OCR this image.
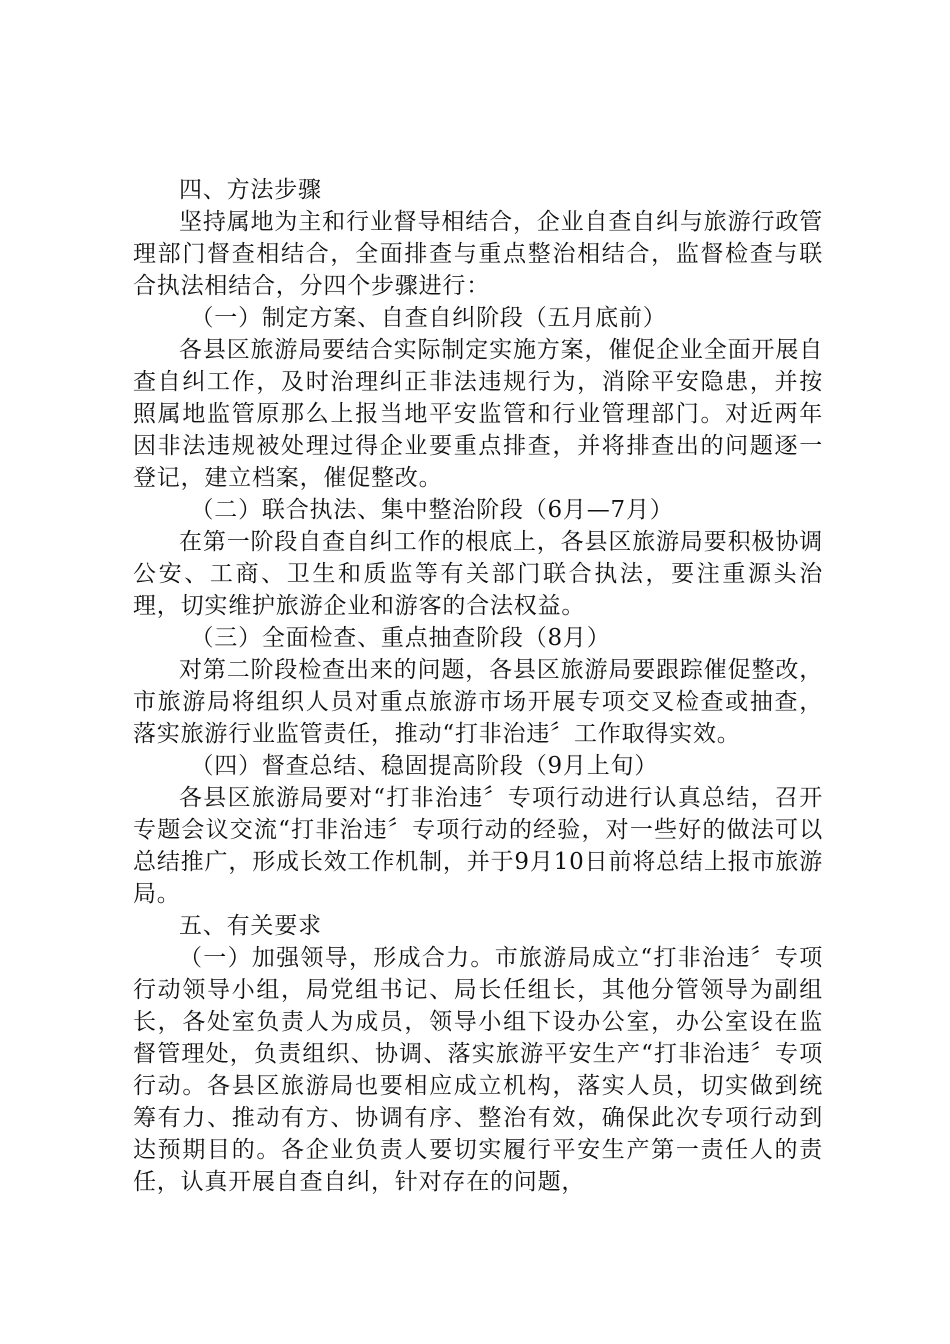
四、方法步骤

坚持属地为主和行业督导相结合，企业自查自纠与旅游行政管理部门督查相结合，全面排查与重点整治相结合，监督检查与联合执法相结合，分四个步骤进行：

（一）制定方案、自查自纠阶段（五月底前）

各县区旅游局要结合实际制定实施方案，催促企业全面开展自查自纠工作，及时治理纠正非法违规行为，消除平安隐患，并按照属地监管原那么上报当地平安监管和行业管理部门。对近两年因非法违规被处理过得企业要重点排查，并将排查出的问题逐一登记，建立档案，催促整改。

（二）联合执法、集中整治阶段（6月—7月）

在第一阶段自查自纠工作的根底上，各县区旅游局要积极协调公安、工商、卫生和质监等有关部门联合执法，要注重源头治理，切实维护旅游企业和游客的合法权益。

（三）全面检查、重点抽查阶段（8月）

对第二阶段检查出来的问题，各县区旅游局要跟踪催促整改，市旅游局将组织人员对重点旅游市场开展专项交叉检查或抽查，落实旅游行业监管责任，推动“打非治违〞工作取得实效。

（四）督查总结、稳固提高阶段（9月上旬）

各县区旅游局要对“打非治违〞专项行动进行认真总结，召开专题会议交流“打非治违〞专项行动的经验，对一些好的做法可以总结推广，形成长效工作机制，并于9月10日前将总结上报市旅游局。

五、有关要求

（一）加强领导，形成合力。市旅游局成立“打非治违〞专项行动领导小组，局党组书记、局长任组长，其他分管领导为副组长，各处室负责人为成员，领导小组下设办公室，办公室设在监督管理处，负责组织、协调、落实旅游平安生产“打非治违〞专项行动。各县区旅游局也要相应成立机构，落实人员，切实做到统筹有力、推动有方、协调有序、整治有效，确保此次专项行动到达预期目的。各企业负责人要切实履行平安生产第一责任人的责任，认真开展自查自纠，针对存在的问题，
